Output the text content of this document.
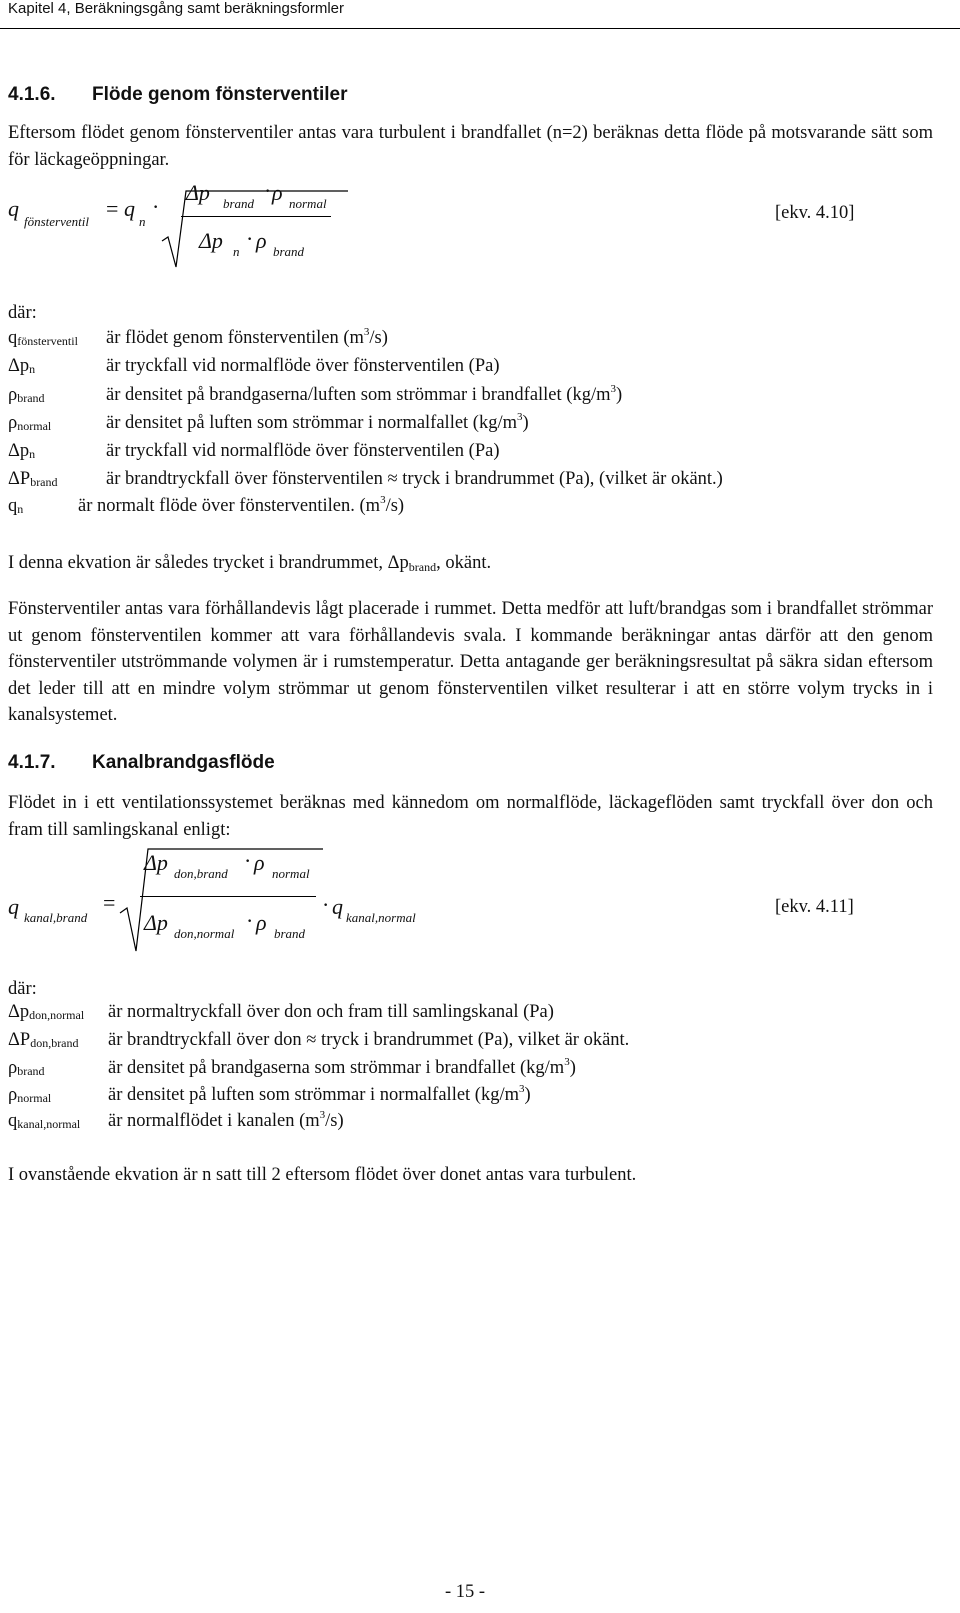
Kapitel 4, Beräkningsgång samt beräkningsformler
4.1.6. Flöde genom fönsterventiler
Eftersom flödet genom fönsterventiler antas vara turbulent i brandfallet (n=2) beräknas detta flöde på motsvarande sätt som för läckageöppningar.
q
fönsterventil
= q
n
·
Δp brand
· ρ normal
Δp n
· ρ brand
[ekv. 4.10]
där:
$q_{fönsterventil}$ är flödet genom fönsterventilen $(m^3/s)$
$\Delta p_n$	är tryckfall vid normalflöde över fönsterventilen (Pa)
$\rho_{brand}$	är densitet på brandgaserna/luften som strömmar i brandfallet $(kg/m^3)$
$\rho_{normal}$	är densitet på luften som strömmar i normalfallet $(kg/m^3)$
$\Delta p_n$	är tryckfall vid normalflöde över fönsterventilen (Pa)
$\Delta P_{brand}$	är brandtryckfall över fönsterventilen ≈ tryck i brandrummet (Pa), (vilket är okänt.)
$q_n$	är normalt flöde över fönsterventilen. $(m^3/s)$
I denna ekvation är således trycket i brandrummet, $\Delta p_{brand}$, okänt.
Fönsterventiler antas vara förhållandevis lågt placerade i rummet. Detta medför att luft/brandgas som i brandfallet strömmar ut genom fönsterventilen kommer att vara förhållandevis svala. I kommande beräkningar antas därför att den genom fönsterventiler utströmmande volymen är i rumstemperatur. Detta antagande ger beräkningsresultat på säkra sidan eftersom det leder till att en mindre volym strömmar ut genom fönsterventilen vilket resulterar i att en större volym trycks in i kanalsystemet.
4.1.7. Kanalbrandgasflöde
Flödet in i ett ventilationssystemet beräknas med kännedom om normalflöde, läckageflöden samt tryckfall över don och fram till samlingskanal enligt:
q kanal,brand
=
Δp don,brand
· ρ normal
Δp don,normal
· ρ brand
· q kanal,normal
[ekv. 4.11]
där:
$\Delta p_{don,normal}$ är normaltryckfall över don och fram till samlingskanal (Pa)
$\Delta P_{don,brand}$ är brandtryckfall över don ≈ tryck i brandrummet (Pa), vilket är okänt.
$\rho_{brand}$	är densitet på brandgaserna som strömmar i brandfallet $(kg/m^3)$
$\rho_{normal}$	är densitet på luften som strömmar i normalfallet $(kg/m^3)$
$q_{kanal,normal}$ är normalflödet i kanalen $(m^3/s)$
I ovanstående ekvation är n satt till 2 eftersom flödet över donet antas vara turbulent.
- 15 -
